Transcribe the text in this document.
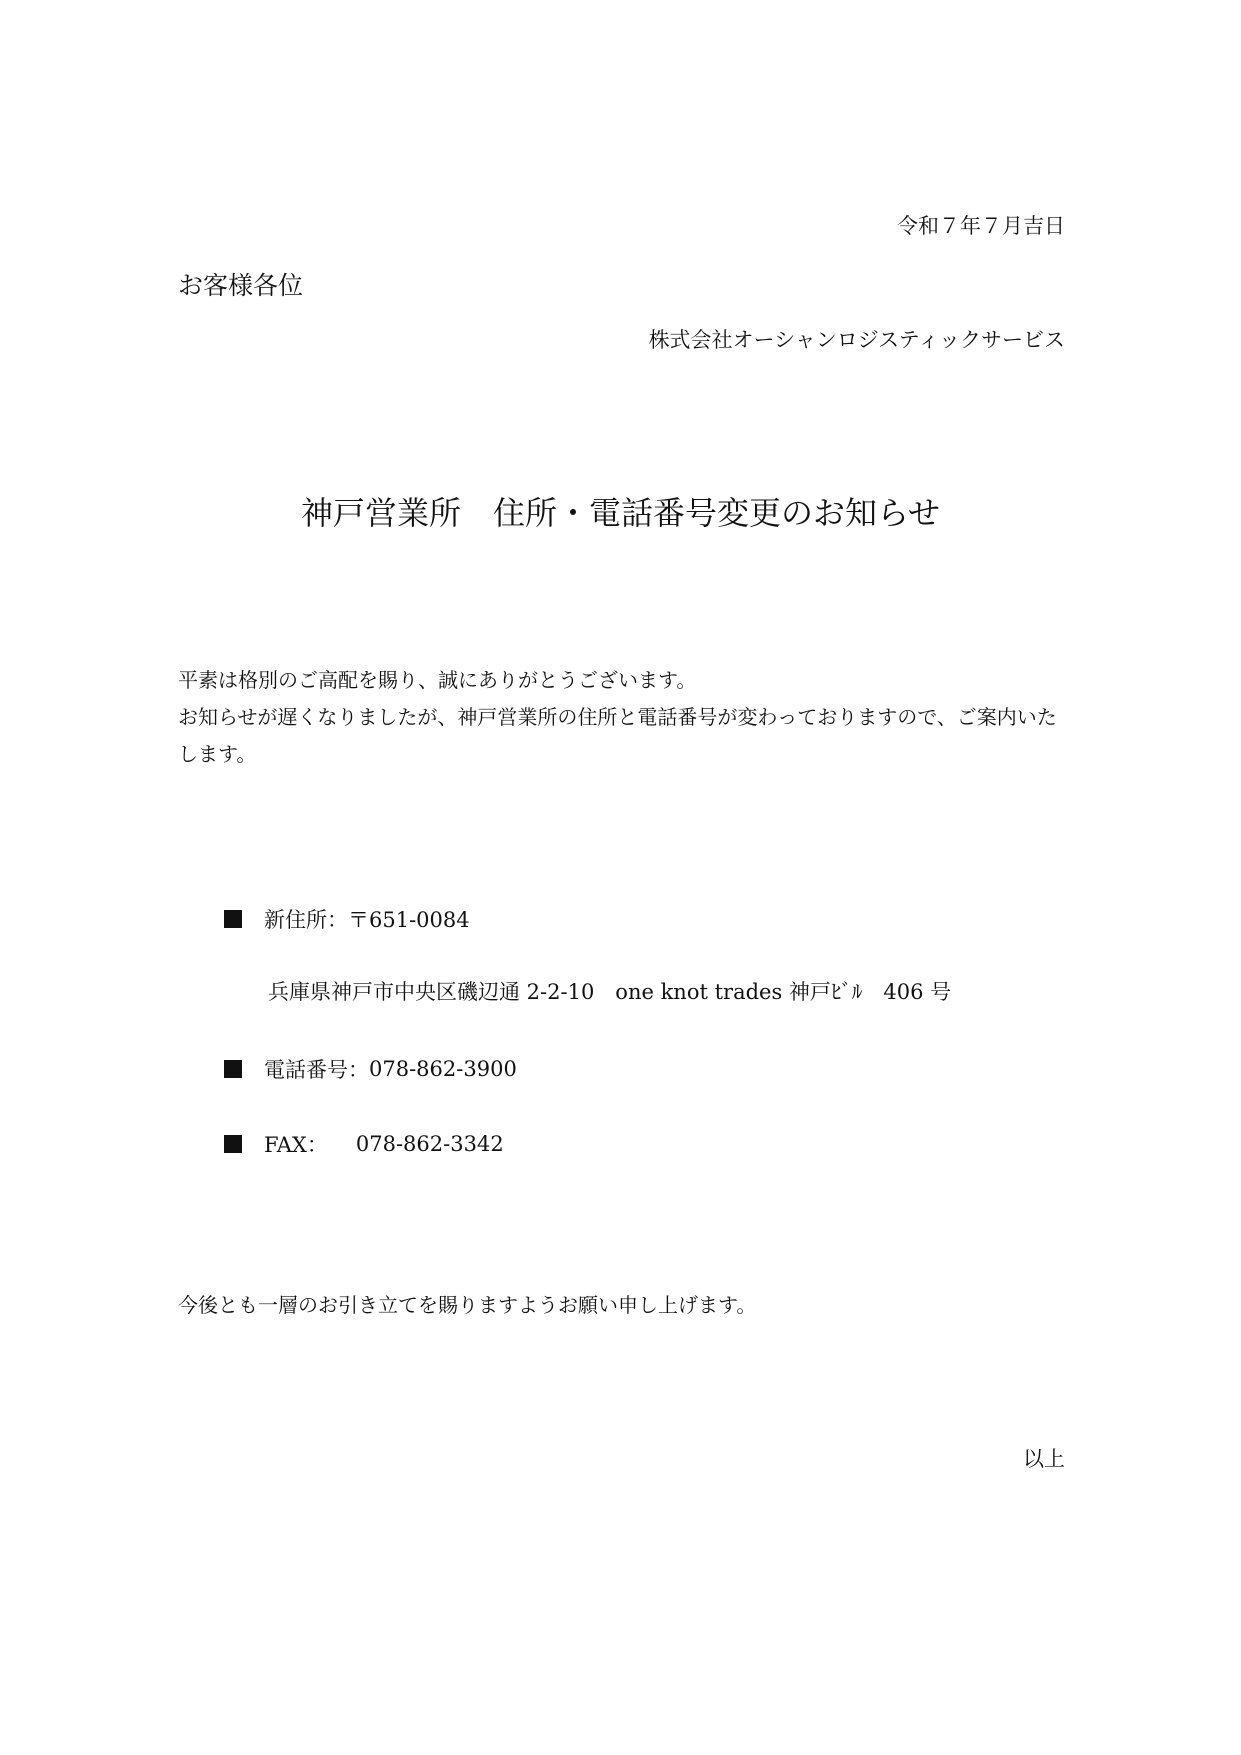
令和７年７月吉日
お客様各位
株式会社オーシャンロジスティックサービス
神戸営業所　住所・電話番号変更のお知らせ

平素は格別のご高配を賜り、誠にありがとうございます。

お知らせが遅くなりましたが、神戸営業所の住所と電話番号が変わっておりますので、ご案内いたします。

新住所： 〒651-0084
兵庫県神戸市中央区磯辺通 2-2-10　one knot trades 神戸ﾋﾞﾙ　406 号
電話番号： 078-862-3900
FAX： 078-862-3342
今後とも一層のお引き立てを賜りますようお願い申し上げます。
以上
